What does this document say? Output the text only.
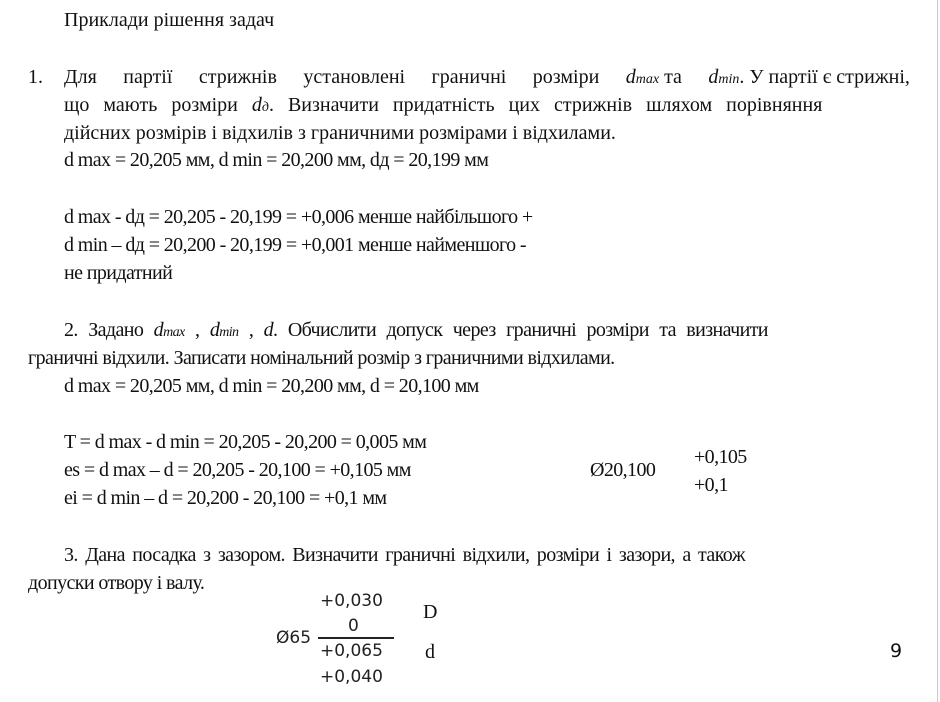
Приклади рішення задач
1. Для партії стрижнів установлені граничні розміри dmax та dmin. У партії є стрижні,
що мають розміри dд. Визначити придатність цих стрижнів шляхом порівняння
дійсних розмірів і відхилів з граничними розмірами і відхилами.
d max = 20,205 мм, d min = 20,200 мм, dд = 20,199 мм
d max - dд = 20,205 - 20,199 = +0,006 менше найбільшого +
d min – dд = 20,200 - 20,199 = +0,001 менше найменшого -
не придатний
2. Задано dmax , dmin , d. Обчислити допуск через граничні розміри та визначити
граничні відхили. Записати номінальний розмір з граничними відхилами.
d max = 20,205 мм, d min = 20,200 мм, d = 20,100 мм
T = d max - d min = 20,205 - 20,200 = 0,005 мм
es = d max – d = 20,205 - 20,100 = +0,105 мм
ei = d min – d = 20,200 - 20,100 = +0,1 мм
Ø20,100
+0,105
+0,1
3. Дана посадка з зазором. Визначити граничні відхили, розміри і зазори, а також
допуски отвору і валу.
Ø65
+0,030
0
+0,065
+0,040
D
d	9
